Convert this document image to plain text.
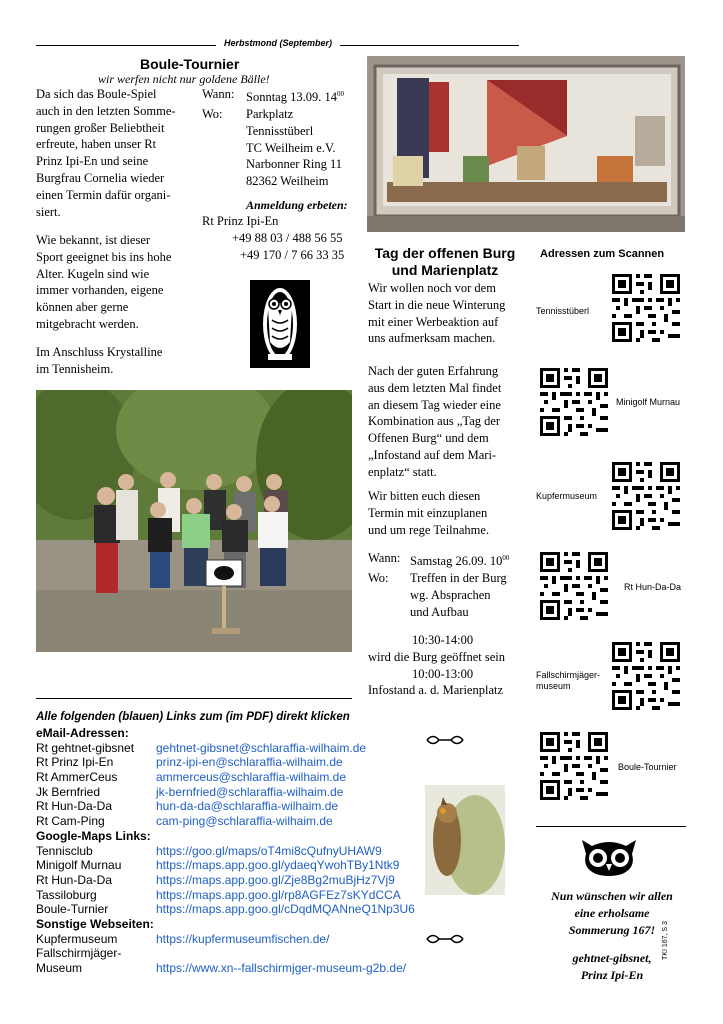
Herbstmond (September)
Boule-Tournier
wir werfen nicht nur goldene Bälle!
Da sich das Boule-Spiel
auch in den letzten Somme-
rungen großer Beliebtheit
erfreute, haben unser Rt
Prinz Ipi-En und seine
Burgfrau Cornelia wieder
einen Termin dafür organi-
siert.
Wie bekannt, ist dieser
Sport geeignet bis ins hohe
Alter. Kugeln sind wie
immer vorhanden, eigene
können aber gerne
mitgebracht werden.
Im Anschluss Krystalline
im Tennisheim.
Wann: Sonntag 13.09. $14^{00}$
Wo:	Parkplatz
Tennisstüberl
TC Weilheim e.V.
Narbonner Ring 11
82362 Weilheim
Anmeldung erbeten:
Rt Prinz Ipi-En
+49 88 03 / 488 56 55
+49 170 / 7 66 33 35	Tag der offenen Burg
und Marienplatz
Wir wollen noch vor dem
Start in die neue Winterung
mit einer Werbeaktion auf
uns aufmerksam machen.
Nach der guten Erfahrung
aus dem letzten Mal findet
an diesem Tag wieder eine
Kombination aus „Tag der
Offenen Burg“ und dem
„Infostand auf dem Mari-
enplatz“ statt.
Wir bitten euch diesen
Termin mit einzuplanen
und um rege Teilnahme.
Wann: Samstag 26.09. $10^{00}$
Wo:	Treffen in der Burg
wg. Absprachen
und Aufbau
10:30-14:00
wird die Burg geöffnet sein
10:00-13:00
Infostand a. d. Marienplatz
Adressen zum Scannen
Tennisstüberl
Minigolf Murnau
Kupfermuseum
Rt Hun-Da-Da
Fallschirmjäger-museum
Boule-Tournier
Alle folgenden (blauen) Links zum (im PDF) direkt klicken
eMail-Adressen:
Rt gehtnet-gibsnet	gehtnet-gibsnet@schlaraffia-wilhaim.de
Rt Prinz Ipi-En	prinz-ipi-en@schlaraffia-wilhaim.de
Rt AmmerCeus	ammerceus@schlaraffia-wilhaim.de
Jk Bernfried	jk-bernfried@schlaraffia-wilhaim.de
Rt Hun-Da-Da	hun-da-da@schlaraffia-wilhaim.de
Rt Cam-Ping	cam-ping@schlaraffia-wilhaim.de
Google-Maps Links:
Tennisclub	https://goo.gl/maps/oT4mi8cQufnyUHAW9
Minigolf Murnau	https://maps.app.goo.gl/ydaeqYwohTBy1Ntk9
Rt Hun-Da-Da	https://maps.app.goo.gl/Zje8Bg2muBjHz7Vj9
Tassiloburg	https://maps.app.goo.gl/rp8AGFEz7sKYdCCA
Boule-Turnier	https://maps.app.goo.gl/cDqdMQANneQ1Np3U6
Sonstige Webseiten:
Kupfermuseum	https://kupfermuseumfischen.de/
Fallschirmjäger-
Museum	https://www.xn--fallschirmjger-museum-g2b.de/
Nun wünschen wir allen
eine erholsame
Sommerung 167!
gehtnet-gibsnet,
Prinz Ipi-En
TKI 167, S 3
